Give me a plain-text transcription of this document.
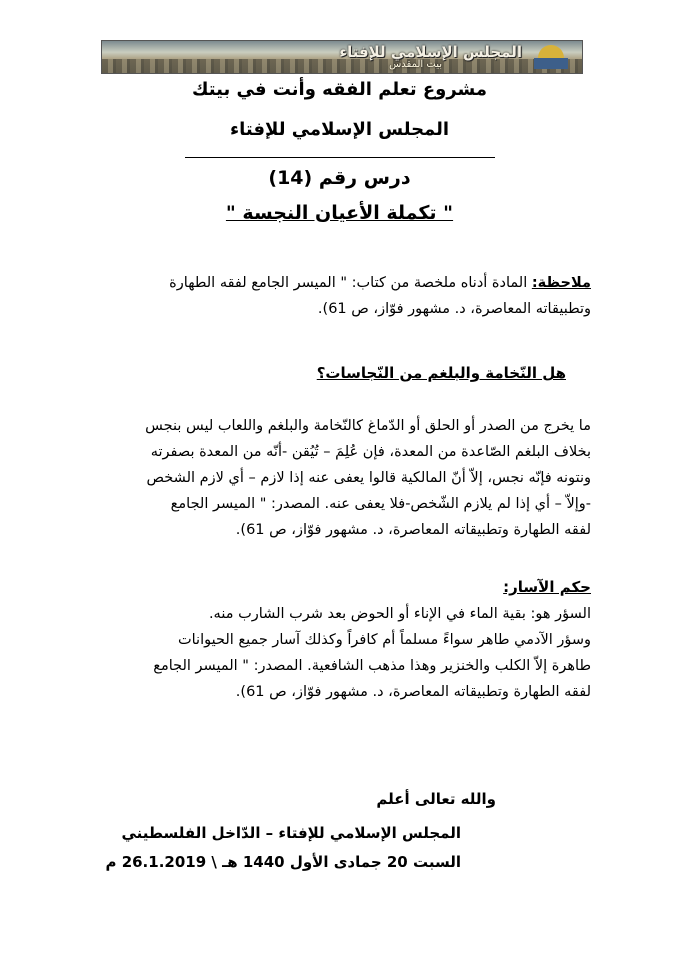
المجلس الإسلامي للإفتاء
بيت المقدس
مشروع تعلم الفقه وأنت في بيتك
المجلس الإسلامي للإفتاء
درس رقم (14)
" تكملة الأعيان النجسة "
ملاحظة: المادة أدناه ملخصة من كتاب: " الميسر الجامع لفقه الطهارة
وتطبيقاته المعاصرة، د. مشهور فوّاز، ص 61).
هل النّخامة والبلغم من النّجاسات؟
ما يخرج من الصدر أو الحلق أو الدّماغ كالنّخامة والبلغم واللعاب ليس بنجس
بخلاف البلغم الصّاعدة من المعدة، فإن عُلِمَ – تُيُقن -أنّه من المعدة بصفرته
ونتونه فإنّه نجس، إلاّ أنّ المالكية قالوا يعفى عنه إذا لازم – أي لازم الشخص
-وإلاّ – أي إذا لم يلازم الشّخص-فلا يعفى عنه. المصدر: " الميسر الجامع
لفقه الطهارة وتطبيقاته المعاصرة، د. مشهور فوّاز، ص 61).
حكم الآسار:
السؤر هو: بقية الماء في الإناء أو الحوض بعد شرب الشارب منه.
وسؤر الآدمي طاهر سواءً مسلماً أم كافراً وكذلك آسار جميع الحيوانات
طاهرة إلاّ الكلب والخنزير وهذا مذهب الشافعية. المصدر: " الميسر الجامع
لفقه الطهارة وتطبيقاته المعاصرة، د. مشهور فوّاز، ص 61).
والله تعالى أعلم
المجلس الإسلامي للإفتاء – الدّاخل الفلسطيني
السبت 20 جمادى الأول 1440 هـ \ 26.1.2019 م
